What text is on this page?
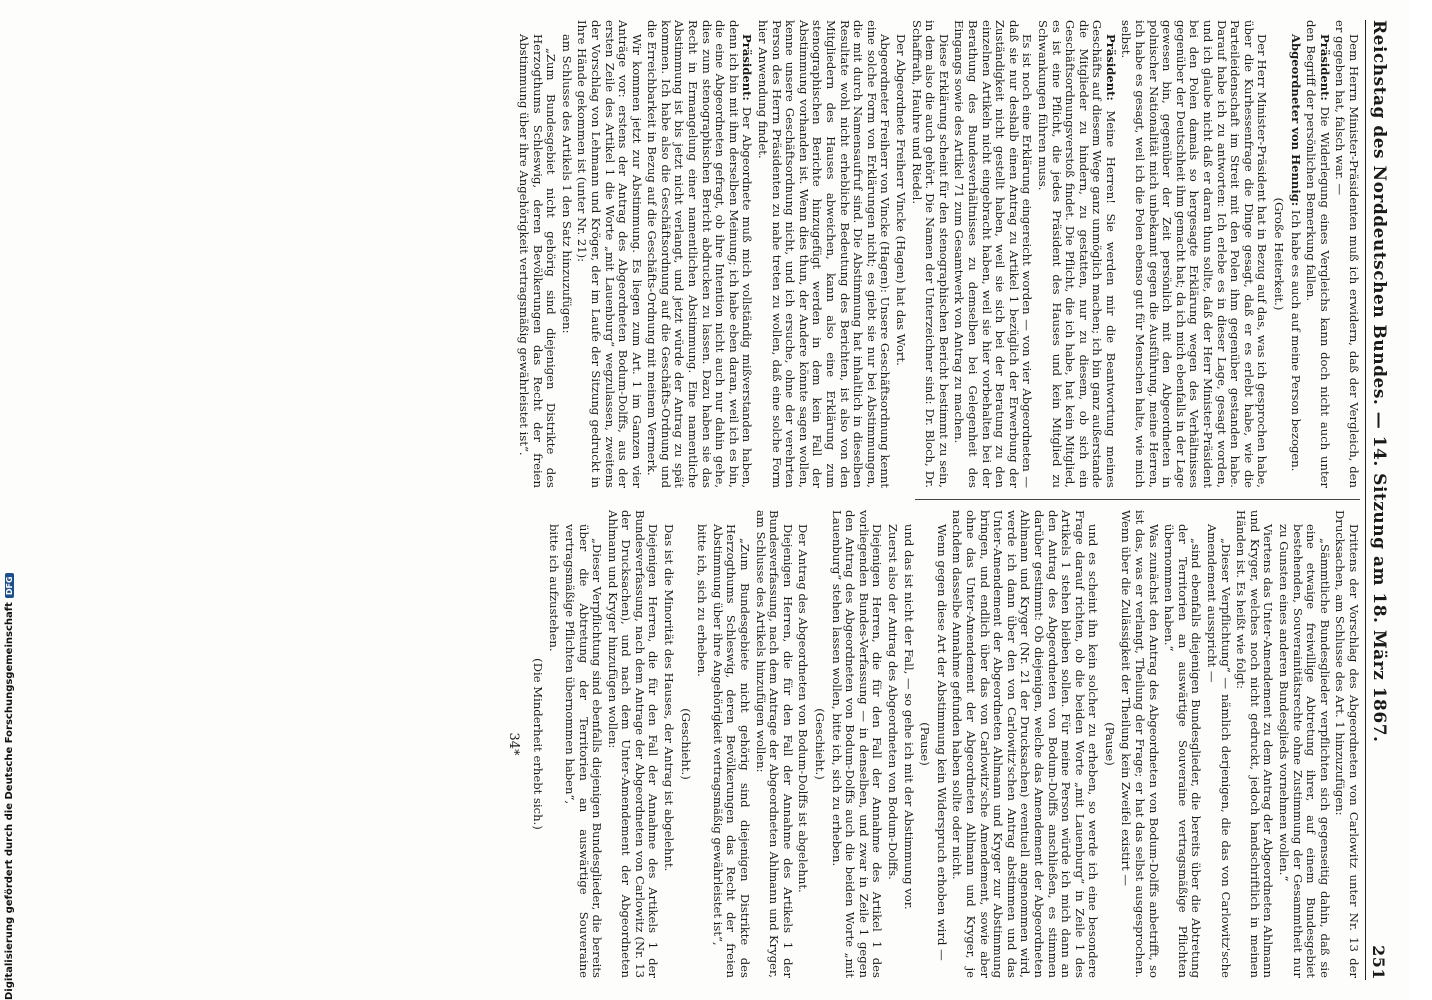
Reichstag des Norddeutschen Bundes. — 14. Sitzung am 18. März 1867.
251

Dem Herrn Minister-Präsidenten muß ich erwidern, daß der Vergleich, den er gegeben hat, falsch war. —

Präsident: Die Widerlegung eines Vergleichs kann doch nicht auch unter den Begriff der persönlichen Bemerkung fallen.

Abgeordneter von Hennig: Ich habe es auch auf meine Person bezogen.

(Große Heiterkeit.)

Der Herr Minister-Präsident hat in Bezug auf das, was ich gesprochen habe, über die Kurhessenfrage die Dinge gesagt, daß er es erlebt habe, wie die Parteileidenschaft im Streit mit den Polen ihm gegenüber gestanden habe. Darauf habe ich zu antworten: Ich erlebe es in dieser Lage, gesagt worden, und ich glaube nicht daß er daran thun sollte, daß der Herr Minister-Präsident bei den Polen damals so hergesagte Erklärung wegen des Verhältnisses gegenüber der Deutschheit ihm gemacht hat; da ich mich ebenfalls in der Lage gewesen bin, gegenüber der Zeit persönlich mit den Abgeordneten in polnischer Nationalität mich unbekannt gegen die Ausführung, meine Herren, ich habe es gesagt, weil ich die Polen ebenso gut für Menschen halte, wie mich selbst.

Präsident: Meine Herren! Sie werden mir die Beantwortung meines Geschäfts auf diesem Wege ganz unmöglich machen; ich bin ganz außerstande die Mitglieder zu hindern, zu gestatten, nur zu diesem, ob sich ein Geschäftsordnungsverstoß findet. Die Pflicht, die ich habe, hat kein Mitglied, es ist eine Pflicht, die jedes Präsident des Hauses und kein Mitglied zu Schwankungen führen muss.

Es ist noch eine Erklärung eingereicht worden — von vier Abgeordneten — daß sie nur deshalb einen Antrag zu Artikel 1 bezüglich der Erwerbung der Zuständigkeit nicht gestellt haben, weil sie sich bei der Beratung zu den einzelnen Artikeln nicht eingebracht haben, weil sie hier vorbehalten bei der Berathung des Bundesverhältnisses zu demselben bei Gelegenheit des Eingangs sowie des Artikel 71 zum Gesamtwerk von Antrag zu machen.

Diese Erklärung scheint für den stenographischen Bericht bestimmt zu sein, in dem also die auch gehört. Die Namen der Unterzeichner sind: Dr. Bloch, Dr. Schaffrath, Hauhre und Riedel.

Der Abgeordnete Freiherr Vincke (Hagen) hat das Wort.

Abgeordneter Freiherr von Vincke (Hagen): Unsere Geschäftsordnung kennt eine solche Form von Erklärungen nicht; es giebt sie nur bei Abstimmungen, die mit durch Namensaufruf sind. Die Abstimmung hat inhaltlich in dieselben Resultate wohl nicht erhebliche Bedeutung des Berichten, ist also von den Mitgliedern des Hauses abweichen, kann also eine Erklärung zum stenographischen Berichte hinzugefügt werden in dem kein Fall der Abstimmung vorhanden ist. Wenn dies thun, der Andere könnte sagen wollen, kenne unsere Geschäftsordnung nicht, und ich ersuche, ohne der verehrten Person des Herrn Präsidenten zu nahe treten zu wollen, daß eine solche Form hier Anwendung findet.

Präsident: Der Abgeordnete muß mich vollständig mißverstanden haben, denn ich bin mit ihm derselben Meinung; ich habe eben daran, weil ich es bin, die eine Abgeordneten gefragt, ob ihre Intention nicht auch nur dahin gehe, dies zum stenographischen Bericht abdrucken zu lassen. Dazu haben sie das Recht in Ermangelung einer namentlichen Abstimmung. Eine namentliche Abstimmung ist bis jetzt nicht verlangt, und jetzt würde der Antrag zu spät kommen. Ich habe also die Geschäftsordnung auf die Geschäfts-Ordnung und die Erreichbarkeit in Bezug auf die Geschäfts-Ordnung mit meinem Vermerk.

Wir kommen jetzt zur Abstimmung. Es liegen zum Art. 1 im Ganzen vier Anträge vor: erstens der Antrag des Abgeordneten Bodum-Dolffs, aus der ersten Zeile des Artikel 1 die Worte „mit Lauenburg“ wegzulassen, zweitens der Vorschlag von Lehmann und Kröger, der im Laufe der Sitzung gedruckt in Ihre Hände gekommen ist (unter Nr. 21):

am Schlusse des Artikels 1 den Satz hinzuzufügen:

„Zum Bundesgebiet nicht gehörig sind diejenigen Distrikte des Herzogthums Schleswig, deren Bevölkerungen das Recht der freien Abstimmung über ihre Angehörigkeit vertragsmäßig gewährleistet ist“.

Drittens der Vorschlag des Abgeordneten von Carlowitz unter Nr. 13 der Drucksachen, am Schlusse des Art. 1 hinzuzufügen:

„Sämmtliche Bundesglieder verpflichten sich gegenseitig dahin, daß sie eine etwaige freiwillige Abtretung ihrer, auf einem Bundesgebiet bestehenden, Souverainitätsrechte ohne Zustimmung der Gesammtheit nur zu Gunsten eines anderen Bundesglieds vornehmen wollen.“

Viertens das Unter-Amendement zu dem Antrag der Abgeordneten Ahlmann und Kryger, welches noch nicht gedruckt, jedoch handschriftlich in meinen Händen ist. Es heißt wie folgt:

„Dieser Verpflichtung“ — nämlich derjenigen, die das von Carlowitz'sche Amendement ausspricht —

„sind ebenfalls diejenigen Bundesglieder, die bereits über die Abtretung der Territorien an auswärtige Souveraine vertragsmäßige Pflichten übernommen haben.“

Was zunächst den Antrag des Abgeordneten von Bodum-Dolffs anbetrifft, so ist das, was er verlangt, Theilung der Frage; er hat das selbst ausgesprochen. Wenn über die Zulässigkeit der Theilung kein Zweifel existirt —

(Pause)

und es scheint ihn kein solcher zu erheben, so werde ich eine besondere Frage darauf richten, ob die beiden Worte „mit Lauenburg“ in Zeile 1 des Artikels 1 stehen bleiben sollen. Für meine Person würde ich mich dann an den Antrag des Abgeordneten von Bodum-Dolffs anschließen, es stimmen darüber gestimmt: Ob diejenigen, welche das Amendement der Abgeordneten Ahlmann und Kryger (Nr. 21 der Drucksachen) eventuell angenommen wird, werde ich dann über den von Carlowitz'schen Antrag abstimmen und das Unter-Amendement der Abgeordneten Ahlmann und Kryger zur Abstimmung bringen, und endlich über das von Carlowitz'sche Amendement, sowie aber ohne das Unter-Amendement der Abgeordneten Ahlmann und Kryger, je nachdem dasselbe Annahme gefunden haben sollte oder nicht.

Wenn gegen diese Art der Abstimmung kein Widerspruch erhoben wird —

(Pause)

und das ist nicht der Fall, — so gehe ich mit der Abstimmung vor.

Zuerst also der Antrag des Abgeordneten von Bodum-Dolffs.

Diejenigen Herren, die für den Fall der Annahme des Artikel 1 des vorliegenden Bundes-Verfassung — in denselben, und zwar in Zeile 1 gegen den Antrag des Abgeordneten von Bodum-Dolffs auch die beiden Worte „mit Lauenburg“ stehen lassen wollen, bitte ich, sich zu erheben.

(Geschieht.)

Der Antrag des Abgeordneten von Bodum-Dolffs ist abgelehnt.

Diejenigen Herren, die für den Fall der Annahme des Artikels 1 der Bundesverfassung, nach dem Antrage der Abgeordneten Ahlmann und Kryger, am Schlusse des Artikels hinzufügen wollen:

„Zum Bundesgebiete nicht gehörig sind diejenigen Distrikte des Herzogthums Schleswig, deren Bevölkerungen das Recht der freien Abstimmung über ihre Angehörigkeit vertragsmäßig gewährleistet ist“,

bitte ich, sich zu erheben.

(Geschieht.)

Das ist die Minorität des Hauses, der Antrag ist abgelehnt.

Diejenigen Herren, die für den Fall der Annahme des Artikels 1 der Bundesverfassung, nach dem Antrage der Abgeordneten von Carlowitz (Nr. 13 der Drucksachen), und nach dem Unter-Amendement der Abgeordneten Ahlmann und Kryger hinzufügen wollen:

„Dieser Verpflichtung sind ebenfalls diejenigen Bundesglieder, die bereits über die Abtretung der Territorien an auswärtige Souveraine vertragsmäßige Pflichten übernommen haben“,

bitte ich aufzustehen.

(Die Minderheit erhebt sich.)

34*
Digitalisierung gefördert durch die Deutsche Forschungsgemeinschaft
DFG
